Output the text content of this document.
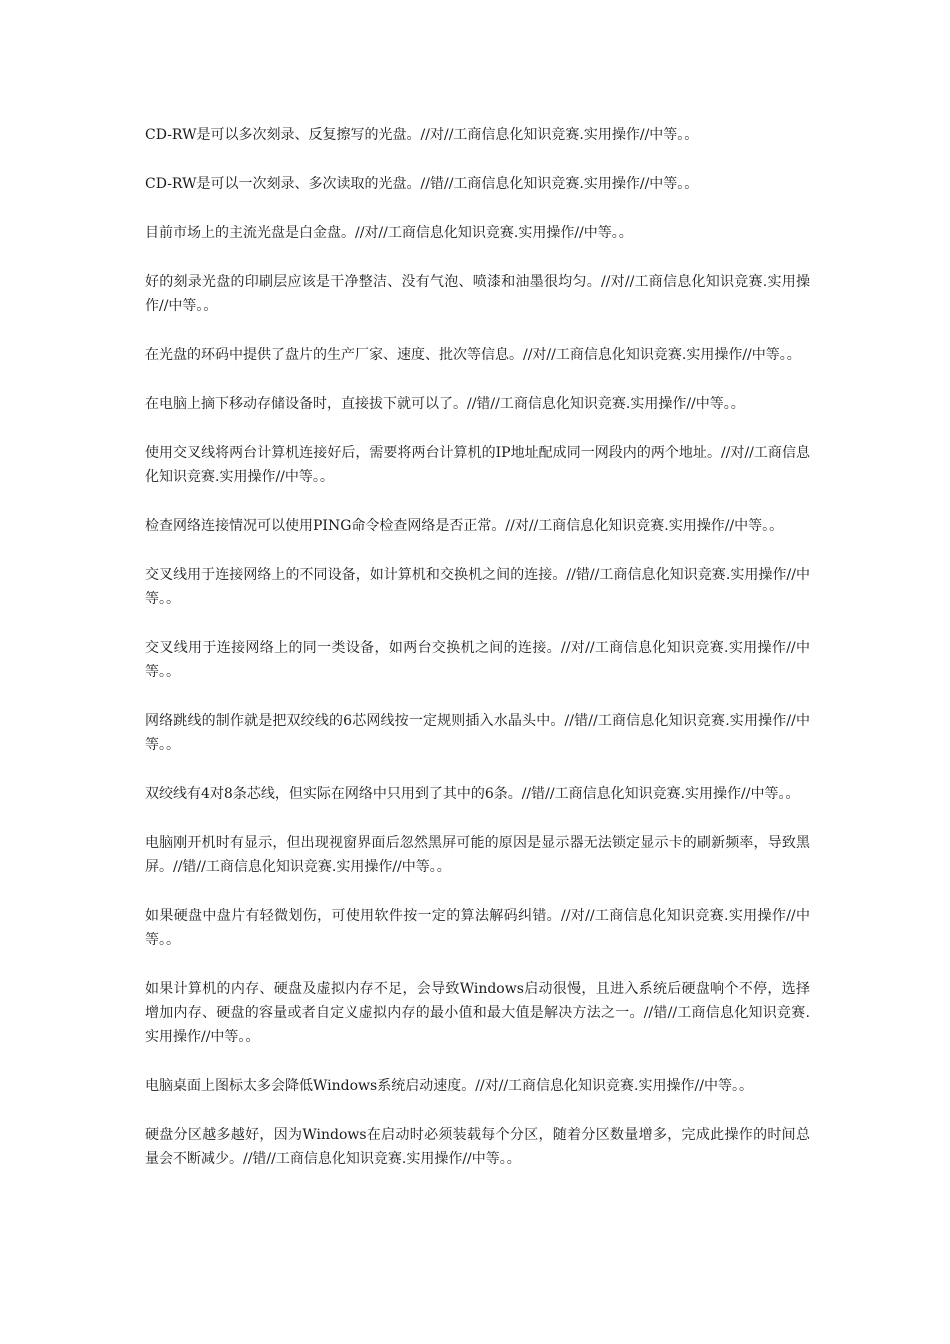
CD-RW是可以多次刻录、反复擦写的光盘。//对//工商信息化知识竞赛.实用操作//中等。。

CD-RW是可以一次刻录、多次读取的光盘。//错//工商信息化知识竞赛.实用操作//中等。。

目前市场上的主流光盘是白金盘。//对//工商信息化知识竞赛.实用操作//中等。。

好的刻录光盘的印刷层应该是干净整洁、没有气泡、喷漆和油墨很均匀。//对//工商信息化知识竞赛.实用操作//中等。。

在光盘的环码中提供了盘片的生产厂家、速度、批次等信息。//对//工商信息化知识竞赛.实用操作//中等。。

在电脑上摘下移动存储设备时，直接拔下就可以了。//错//工商信息化知识竞赛.实用操作//中等。。

使用交叉线将两台计算机连接好后，需要将两台计算机的IP地址配成同一网段内的两个地址。//对//工商信息化知识竞赛.实用操作//中等。。

检查网络连接情况可以使用PING命令检查网络是否正常。//对//工商信息化知识竞赛.实用操作//中等。。

交叉线用于连接网络上的不同设备，如计算机和交换机之间的连接。//错//工商信息化知识竞赛.实用操作//中等。。

交叉线用于连接网络上的同一类设备，如两台交换机之间的连接。//对//工商信息化知识竞赛.实用操作//中等。。

网络跳线的制作就是把双绞线的6芯网线按一定规则插入水晶头中。//错//工商信息化知识竞赛.实用操作//中等。。

双绞线有4对8条芯线，但实际在网络中只用到了其中的6条。//错//工商信息化知识竞赛.实用操作//中等。。

电脑刚开机时有显示，但出现视窗界面后忽然黑屏可能的原因是显示器无法锁定显示卡的刷新频率，导致黑屏。//错//工商信息化知识竞赛.实用操作//中等。。

如果硬盘中盘片有轻微划伤，可使用软件按一定的算法解码纠错。//对//工商信息化知识竞赛.实用操作//中等。。

如果计算机的内存、硬盘及虚拟内存不足，会导致Windows启动很慢，且进入系统后硬盘响个不停，选择增加内存、硬盘的容量或者自定义虚拟内存的最小值和最大值是解决方法之一。//错//工商信息化知识竞赛.实用操作//中等。。

电脑桌面上图标太多会降低Windows系统启动速度。//对//工商信息化知识竞赛.实用操作//中等。。

硬盘分区越多越好，因为Windows在启动时必须装载每个分区，随着分区数量增多，完成此操作的时间总量会不断减少。//错//工商信息化知识竞赛.实用操作//中等。。
